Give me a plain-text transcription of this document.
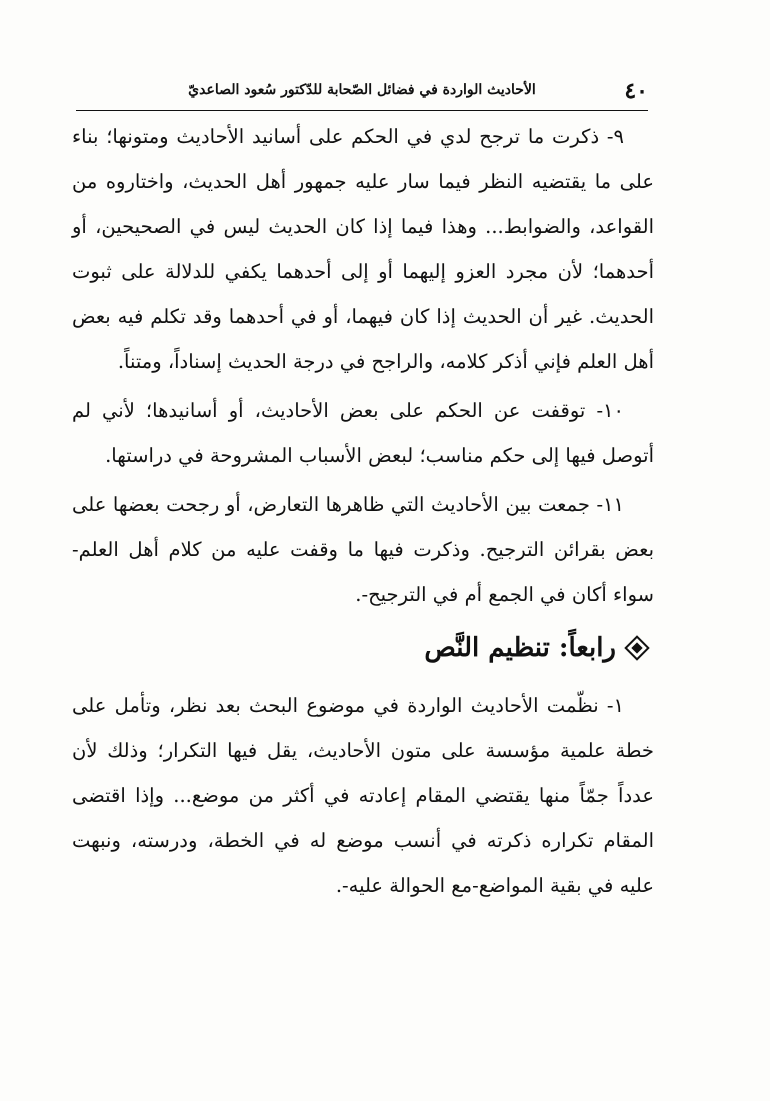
٤٠
الأحاديث الواردة في فضائل الصّحابة للدّكتور سُعود الصاعديّ

٩- ذكرت ما ترجح لدي في الحكم على أسانيد الأحاديث ومتونها؛ بناء على ما يقتضيه النظر فيما سار عليه جمهور أهل الحديث، واختاروه من القواعد، والضوابط... وهذا فيما إذا كان الحديث ليس في الصحيحين، أو أحدهما؛ لأن مجرد العزو إليهما أو إلى أحدهما يكفي للدلالة على ثبوت الحديث. غير أن الحديث إذا كان فيهما، أو في أحدهما وقد تكلم فيه بعض أهل العلم فإني أذكر كلامه، والراجح في درجة الحديث إسناداً، ومتناً.

١٠- توقفت عن الحكم على بعض الأحاديث، أو أسانيدها؛ لأني لم أتوصل فيها إلى حكم مناسب؛ لبعض الأسباب المشروحة في دراستها.

١١- جمعت بين الأحاديث التي ظاهرها التعارض، أو رجحت بعضها على بعض بقرائن الترجيح. وذكرت فيها ما وقفت عليه من كلام أهل العلم-سواء أكان في الجمع أم في الترجيح-.

رابعاً: تنظيم النَّص

١- نظّمت الأحاديث الواردة في موضوع البحث بعد نظر، وتأمل على خطة علمية مؤسسة على متون الأحاديث، يقل فيها التكرار؛ وذلك لأن عدداً جمّاً منها يقتضي المقام إعادته في أكثر من موضع... وإذا اقتضى المقام تكراره ذكرته في أنسب موضع له في الخطة، ودرسته، ونبهت عليه في بقية المواضع-مع الحوالة عليه-.
